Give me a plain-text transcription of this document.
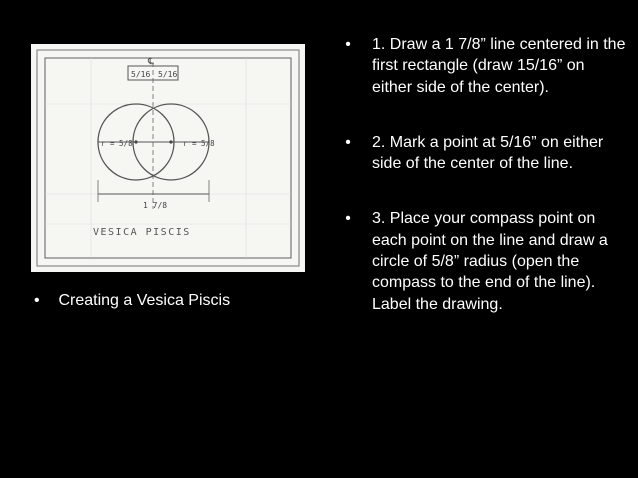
5/16 5/16
℄
r = 5/8	r = 5/8
1 7/8
VESICA PISCIS
• Creating a Vesica Piscis
•	1. Draw a 1 7/8” line centered in the first rectangle (draw 15/16” on either side of the center).
•	2. Mark a point at 5/16” on either side of the center of the line.
•	3. Place your compass point on each point on the line and draw a circle of 5/8” radius (open the compass to the end of the line). Label the drawing.
